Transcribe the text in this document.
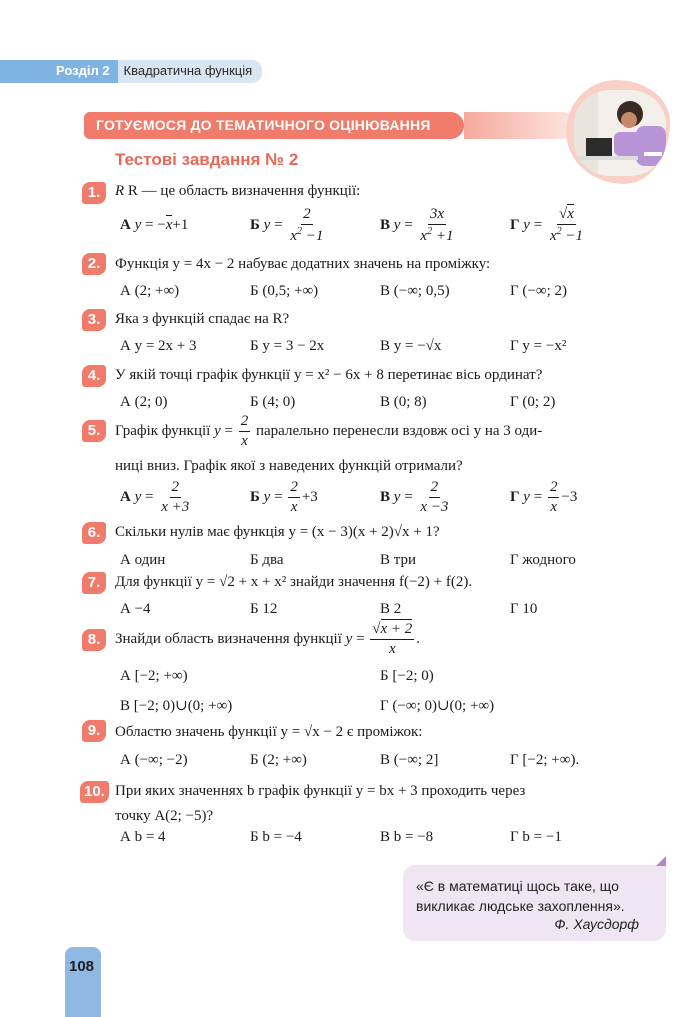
Розділ 2	Квадратична функція
ГОТУЄМОСЯ ДО ТЕМАТИЧНОГО ОЦІНЮВАННЯ
Тестові завдання № 2
1. R R — це область визначення функції:
А y = −x+1	Б $y = \frac{2}{x^2 -1}$	В $y = \frac{3x}{x^2 +1}$	Г $y = \frac{√x}{x^2 -1}$
2. Функція y = 4x − 2 набуває додатних значень на проміжку:
А (2; +∞)	Б (0,5; +∞)	В (−∞; 0,5)	Г (−∞; 2)
3. Яка з функцій спадає на R?
А y = 2x + 3	Б y = 3 − 2x	В y = −√x	Г y = −x²
4. У якій точці графік функції y = x² − 6x + 8 перетинає вісь ординат?
А (2; 0)	Б (4; 0)	В (0; 8)	Г (0; 2)
5. Графік функції $y = \frac{2}{x}$ паралельно перенесли вздовж осі y на 3 оди-
ниці вниз. Графік якої з наведених функцій отримали?
А $y = \frac{2}{x +3}$	Б $y = \frac{2}{x} +3$	В $y = \frac{2}{x -3}$	Г $y = \frac{2}{x} -3$
6. Скільки нулів має функція y = (x − 3)(x + 2)√x + 1?
А один	Б два	В три	Г жодного
7. Для функції y = √2 + x + x² знайди значення f(−2) + f(2).
А −4	Б 12	В 2	Г 10
8. Знайди область визначення функції $y = \frac{√x + 2}{x}$ .
А [−2; +∞)	Б [−2; 0)
В [−2; 0)∪(0; +∞)	Г (−∞; 0)∪(0; +∞)
9. Областю значень функції y = √x − 2 є проміжок:
А (−∞; −2)	Б (2; +∞)	В (−∞; 2]	Г [−2; +∞).
10. При яких значеннях b графік функції y = bx + 3 проходить через
точку A(2; −5)?
А b = 4	Б b = −4	В b = −8	Г b = −1
«Є в математиці щось таке, що викликає людське захоплення».
Ф. Хаусдорф
108
